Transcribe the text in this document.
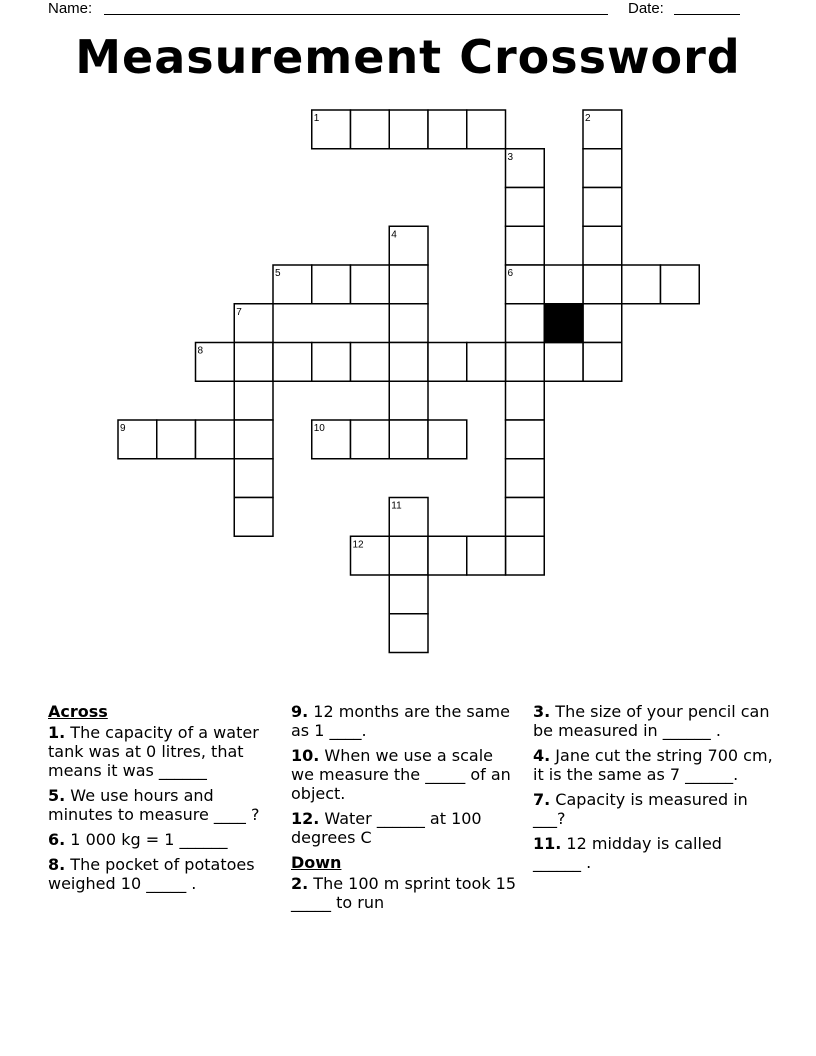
Name:	Date:
Measurement Crossword
1	2
3
4
5	6
7
8
9	10
11
12
Across
1. The capacity of a water tank was at 0 litres, that means it was ______
5. We use hours and minutes to measure ____ ?
6. 1 000 kg = 1 ______
8. The pocket of potatoes weighed 10 _____ .
9. 12 months are the same as 1 ____.
10. When we use a scale we measure the _____ of an object.
12. Water ______ at 100 degrees C
Down
2. The 100 m sprint took 15 _____ to run
3. The size of your pencil can be measured in ______ .
4. Jane cut the string 700 cm, it is the same as 7 ______.
7. Capacity is measured in ___?
11. 12 midday is called ______ .
